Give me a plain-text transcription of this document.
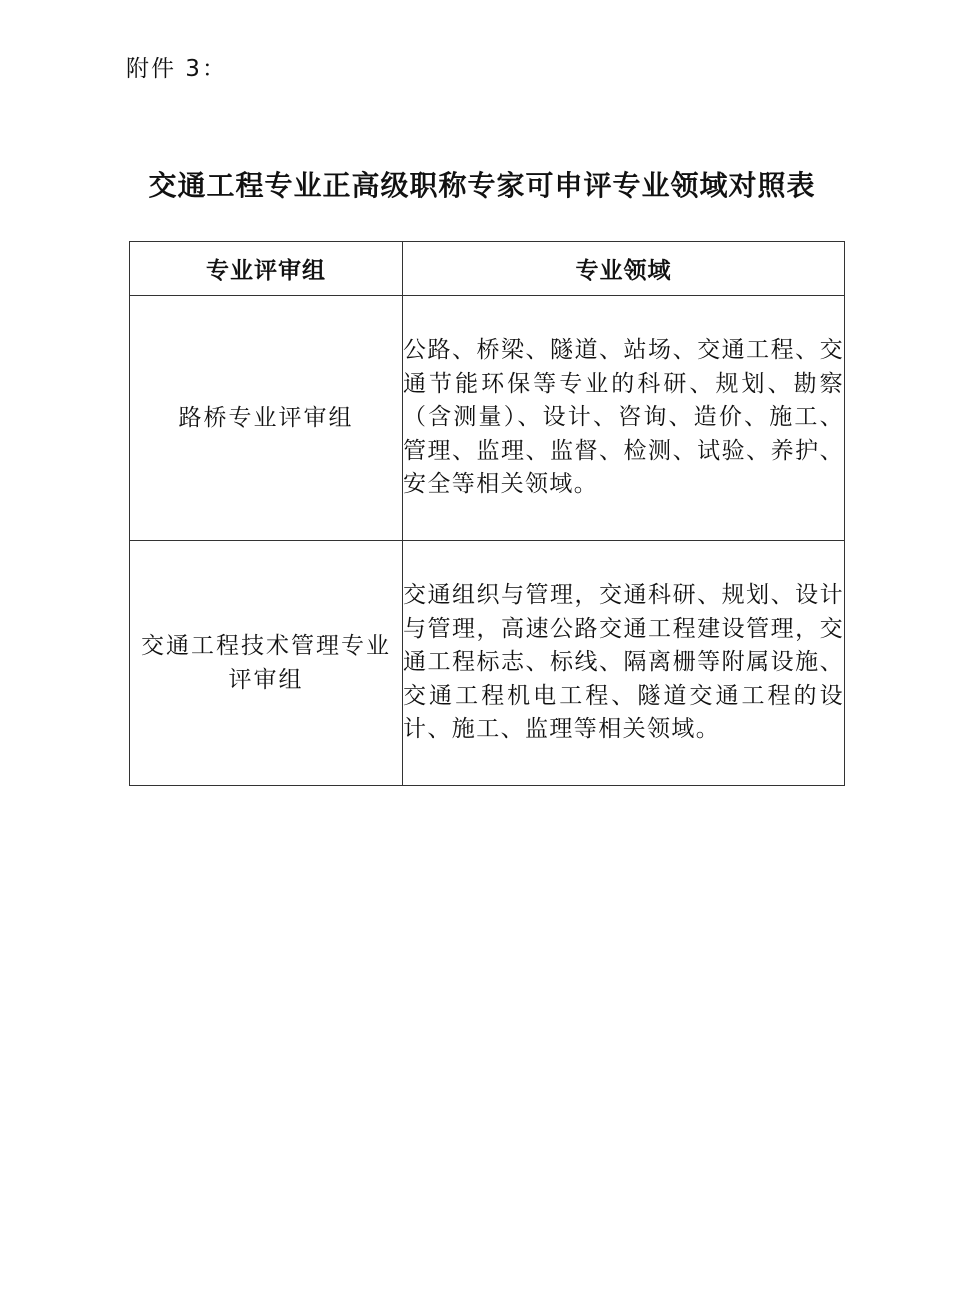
附件 3：
交通工程专业正高级职称专家可申评专业领域对照表
专业评审组	专业领域
路桥专业评审组	公路、桥梁、隧道、站场、交通工程、交通节能环保等专业的科研、规划、勘察（含测量）、设计、咨询、造价、施工、管理、监理、监督、检测、试验、养护、安全等相关领域。
交通工程技术管理专业评审组	交通组织与管理，交通科研、规划、设计与管理，高速公路交通工程建设管理，交通工程标志、标线、隔离栅等附属设施、交通工程机电工程、隧道交通工程的设计、施工、监理等相关领域。
